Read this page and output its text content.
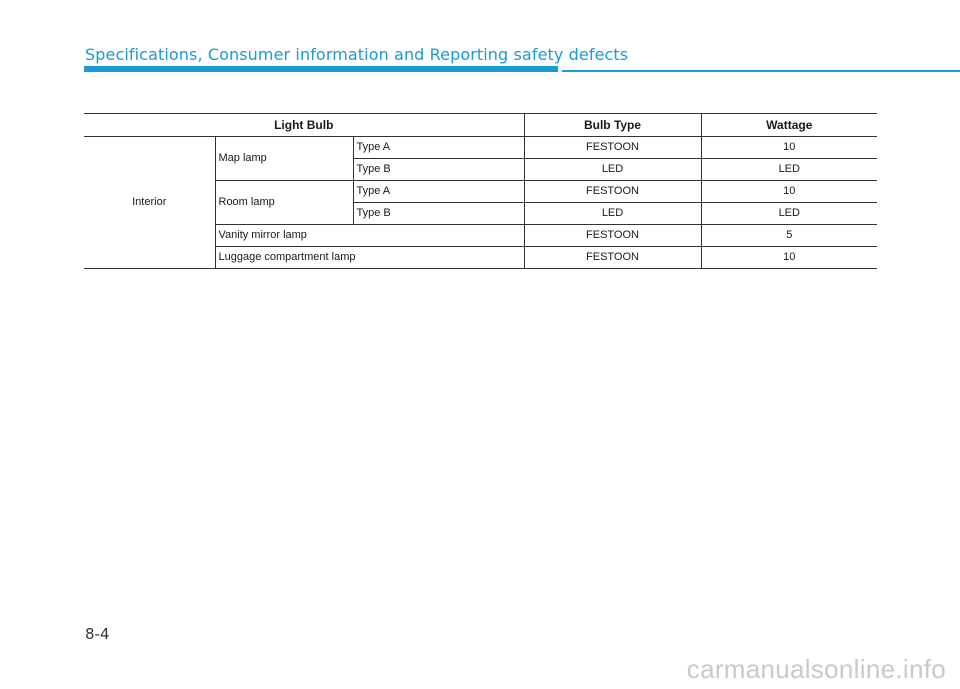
Specifications, Consumer information and Reporting safety defects
Light Bulb			Bulb Type	Wattage
Interior	Map lamp	Type A	FESTOON	10
		Type B	LED	LED
	Room lamp	Type A	FESTOON	10
		Type B	LED	LED
	Vanity mirror lamp		FESTOON	5
	Luggage compartment lamp		FESTOON	10
8-4
carmanualsonline.info
